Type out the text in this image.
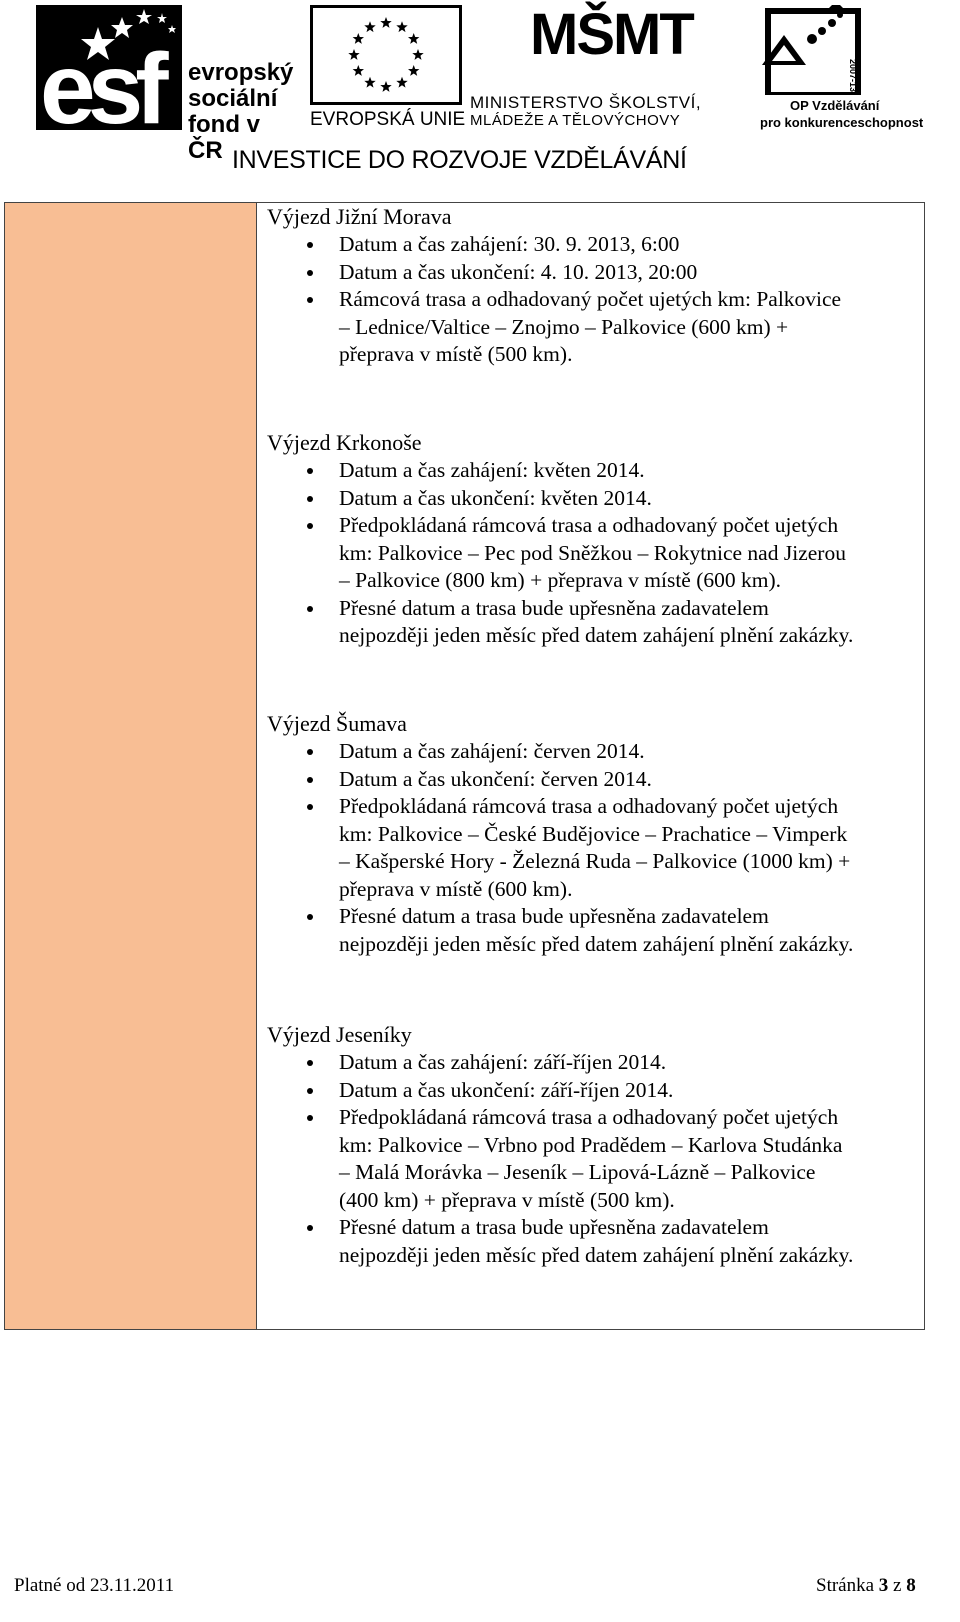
esf evropský
sociální
fond v ČR
EVROPSKÁ UNIE
MŠMT
MINISTERSTVO ŠKOLSTVÍ,
MLÁDEŽE A TĚLOVÝCHOVY
2007-13
OP Vzdělávání
pro konkurenceschopnost
INVESTICE DO ROZVOJE VZDĚLÁVÁNÍ
Výjezd Jižní Morava
Datum a čas zahájení: 30. 9. 2013, 6:00
Datum a čas ukončení: 4. 10. 2013, 20:00
Rámcová trasa a odhadovaný počet ujetých km: Palkovice
– Lednice/Valtice – Znojmo – Palkovice (600 km) +
přeprava v místě (500 km).
Výjezd Krkonoše
Datum a čas zahájení: květen 2014.
Datum a čas ukončení: květen 2014.
Předpokládaná rámcová trasa a odhadovaný počet ujetých
km: Palkovice – Pec pod Sněžkou – Rokytnice nad Jizerou
– Palkovice (800 km) + přeprava v místě (600 km).
Přesné datum a trasa bude upřesněna zadavatelem
nejpozději jeden měsíc před datem zahájení plnění zakázky.
Výjezd Šumava
Datum a čas zahájení: červen 2014.
Datum a čas ukončení: červen 2014.
Předpokládaná rámcová trasa a odhadovaný počet ujetých
km: Palkovice – České Budějovice – Prachatice – Vimperk
– Kašperské Hory - Železná Ruda – Palkovice (1000 km) +
přeprava v místě (600 km).
Přesné datum a trasa bude upřesněna zadavatelem
nejpozději jeden měsíc před datem zahájení plnění zakázky.
Výjezd Jeseníky
Datum a čas zahájení: září-říjen 2014.
Datum a čas ukončení: září-říjen 2014.
Předpokládaná rámcová trasa a odhadovaný počet ujetých
km: Palkovice – Vrbno pod Pradědem – Karlova Studánka
– Malá Morávka – Jeseník – Lipová-Lázně – Palkovice
(400 km) + přeprava v místě (500 km).
Přesné datum a trasa bude upřesněna zadavatelem
nejpozději jeden měsíc před datem zahájení plnění zakázky.
Platné od 23.11.2011	Stránka 3 z 8
